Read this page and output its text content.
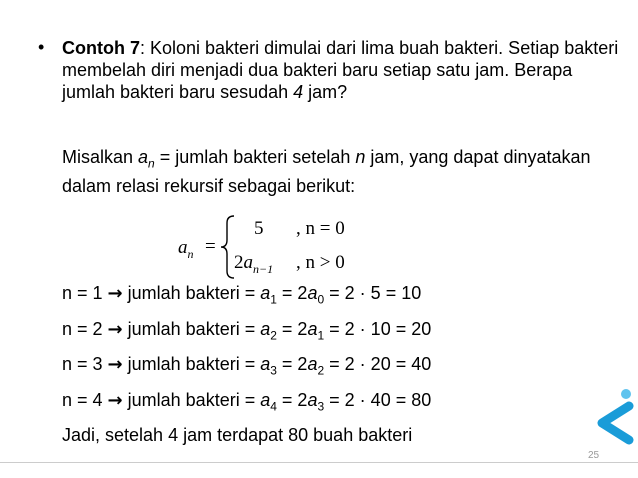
• Contoh 7: Koloni bakteri dimulai dari lima buah bakteri. Setiap bakteri membelah diri menjadi dua bakteri baru setiap satu jam. Berapa jumlah bakteri baru sesudah 4 jam?
Misalkan $a_n$ = jumlah bakteri setelah n jam, yang dapat dinyatakan dalam relasi rekursif sebagai berikut:
$a_n$ =
5 , n = 0
$2a_{n-1}$ , n > 0
n = 1 → jumlah bakteri = $a_1 = 2a_0 = 2 \cdot 5 = 10$
n = 2 → jumlah bakteri = $a_2 = 2a_1 = 2 \cdot 10 = 20$
n = 3 → jumlah bakteri = $a_3 = 2a_2 = 2 \cdot 20 = 40$
n = 4 → jumlah bakteri = $a_4 = 2a_3 = 2 \cdot 40 = 80$
Jadi, setelah 4 jam terdapat 80 buah bakteri
25
